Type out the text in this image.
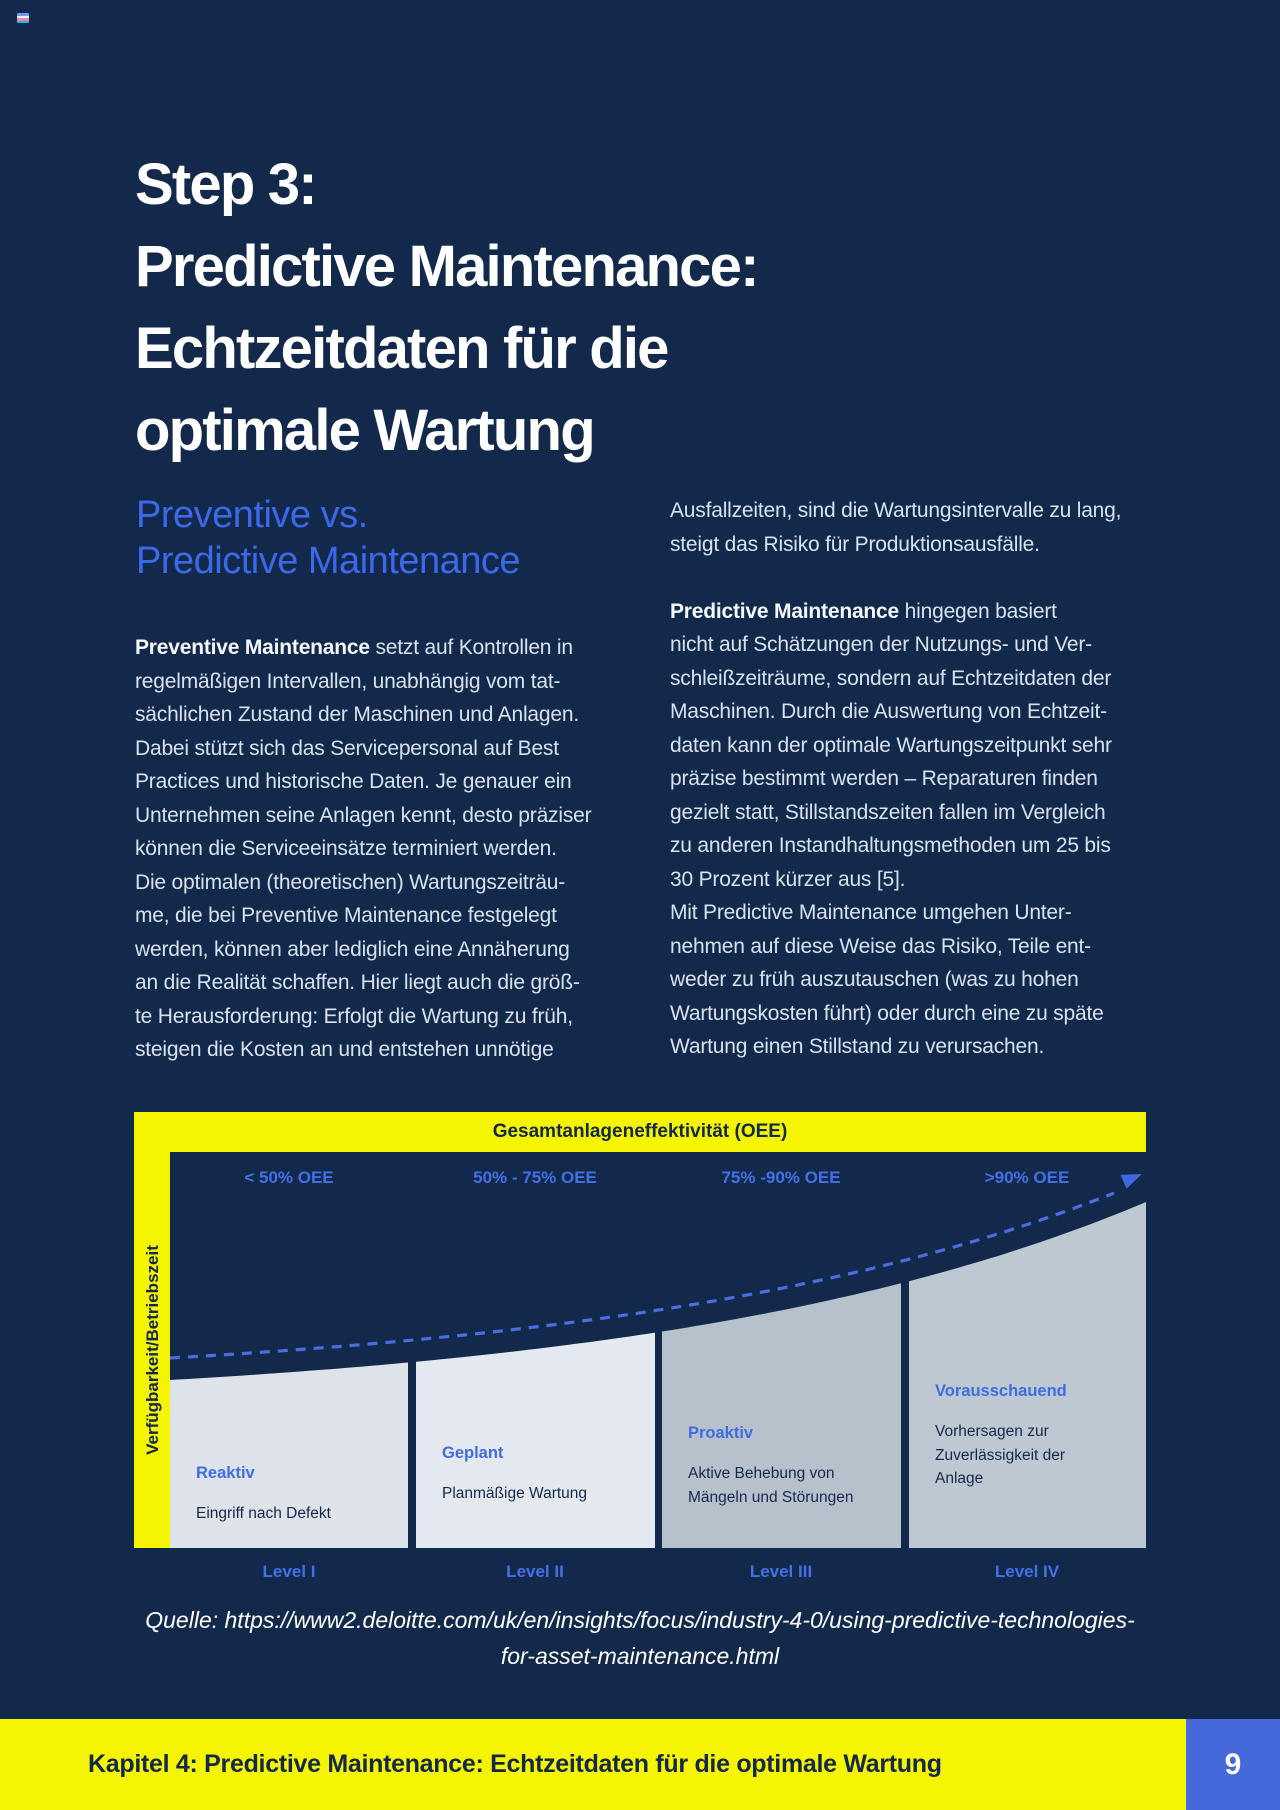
Step 3:
Predictive Maintenance:
Echtzeitdaten für die
optimale Wartung
Preventive vs.
Predictive Maintenance
Preventive Maintenance setzt auf Kontrollen in
regelmäßigen Intervallen, unabhängig vom tat-
sächlichen Zustand der Maschinen und Anlagen.
Dabei stützt sich das Servicepersonal auf Best
Practices und historische Daten. Je genauer ein
Unternehmen seine Anlagen kennt, desto präziser
können die Serviceeinsätze terminiert werden.
Die optimalen (theoretischen) Wartungszeiträu-
me, die bei Preventive Maintenance festgelegt
werden, können aber lediglich eine Annäherung
an die Realität schaffen. Hier liegt auch die größ-
te Herausforderung: Erfolgt die Wartung zu früh,
steigen die Kosten an und entstehen unnötige
Ausfallzeiten, sind die Wartungsintervalle zu lang,
steigt das Risiko für Produktionsausfälle.

Predictive Maintenance hingegen basiert
nicht auf Schätzungen der Nutzungs- und Ver-
schleißzeiträume, sondern auf Echtzeitdaten der
Maschinen. Durch die Auswertung von Echtzeit-
daten kann der optimale Wartungszeitpunkt sehr
präzise bestimmt werden – Reparaturen finden
gezielt statt, Stillstandszeiten fallen im Vergleich
zu anderen Instandhaltungsmethoden um 25 bis
30 Prozent kürzer aus [5].
Mit Predictive Maintenance umgehen Unter-
nehmen auf diese Weise das Risiko, Teile ent-
weder zu früh auszutauschen (was zu hohen
Wartungskosten führt) oder durch eine zu späte
Wartung einen Stillstand zu verursachen.
Gesamtanlageneffektivität (OEE)
Verfügbarkeit/Betriebszeit
< 50% OEE	50% - 75% OEE	75% -90% OEE	>90% OEE
Reaktiv
Eingriff nach Defekt
Geplant
Planmäßige Wartung
Proaktiv
Aktive Behebung von
Mängeln und Störungen
Vorausschauend
Vorhersagen zur
Zuverlässigkeit der
Anlage
Level I	Level II	Level III	Level IV
Quelle: https://www2.deloitte.com/uk/en/insights/focus/industry-4-0/using-predictive-technologies-
for-asset-maintenance.html
Kapitel 4: Predictive Maintenance: Echtzeitdaten für die optimale Wartung	9
